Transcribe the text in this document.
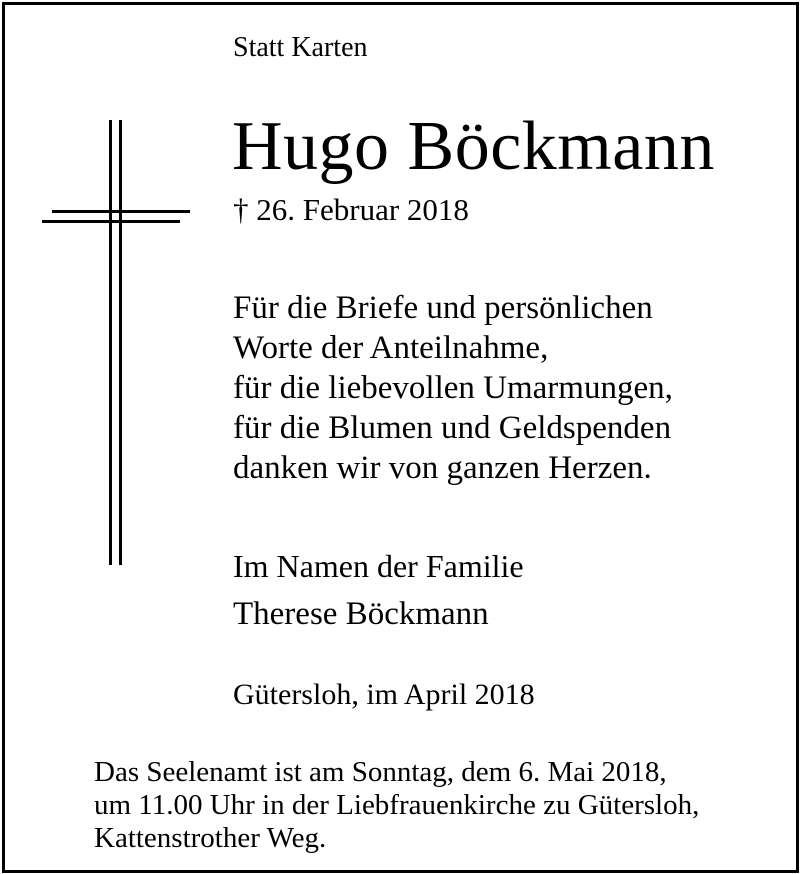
Statt Karten
Hugo Böckmann
† 26. Februar 2018
Für die Briefe und persönlichen
Worte der Anteilnahme,
für die liebevollen Umarmungen,
für die Blumen und Geldspenden
danken wir von ganzen Herzen.
Im Namen der Familie
Therese Böckmann
Gütersloh, im April 2018
Das Seelenamt ist am Sonntag, dem 6. Mai 2018,
um 11.00 Uhr in der Liebfrauenkirche zu Gütersloh,
Kattenstrother Weg.
